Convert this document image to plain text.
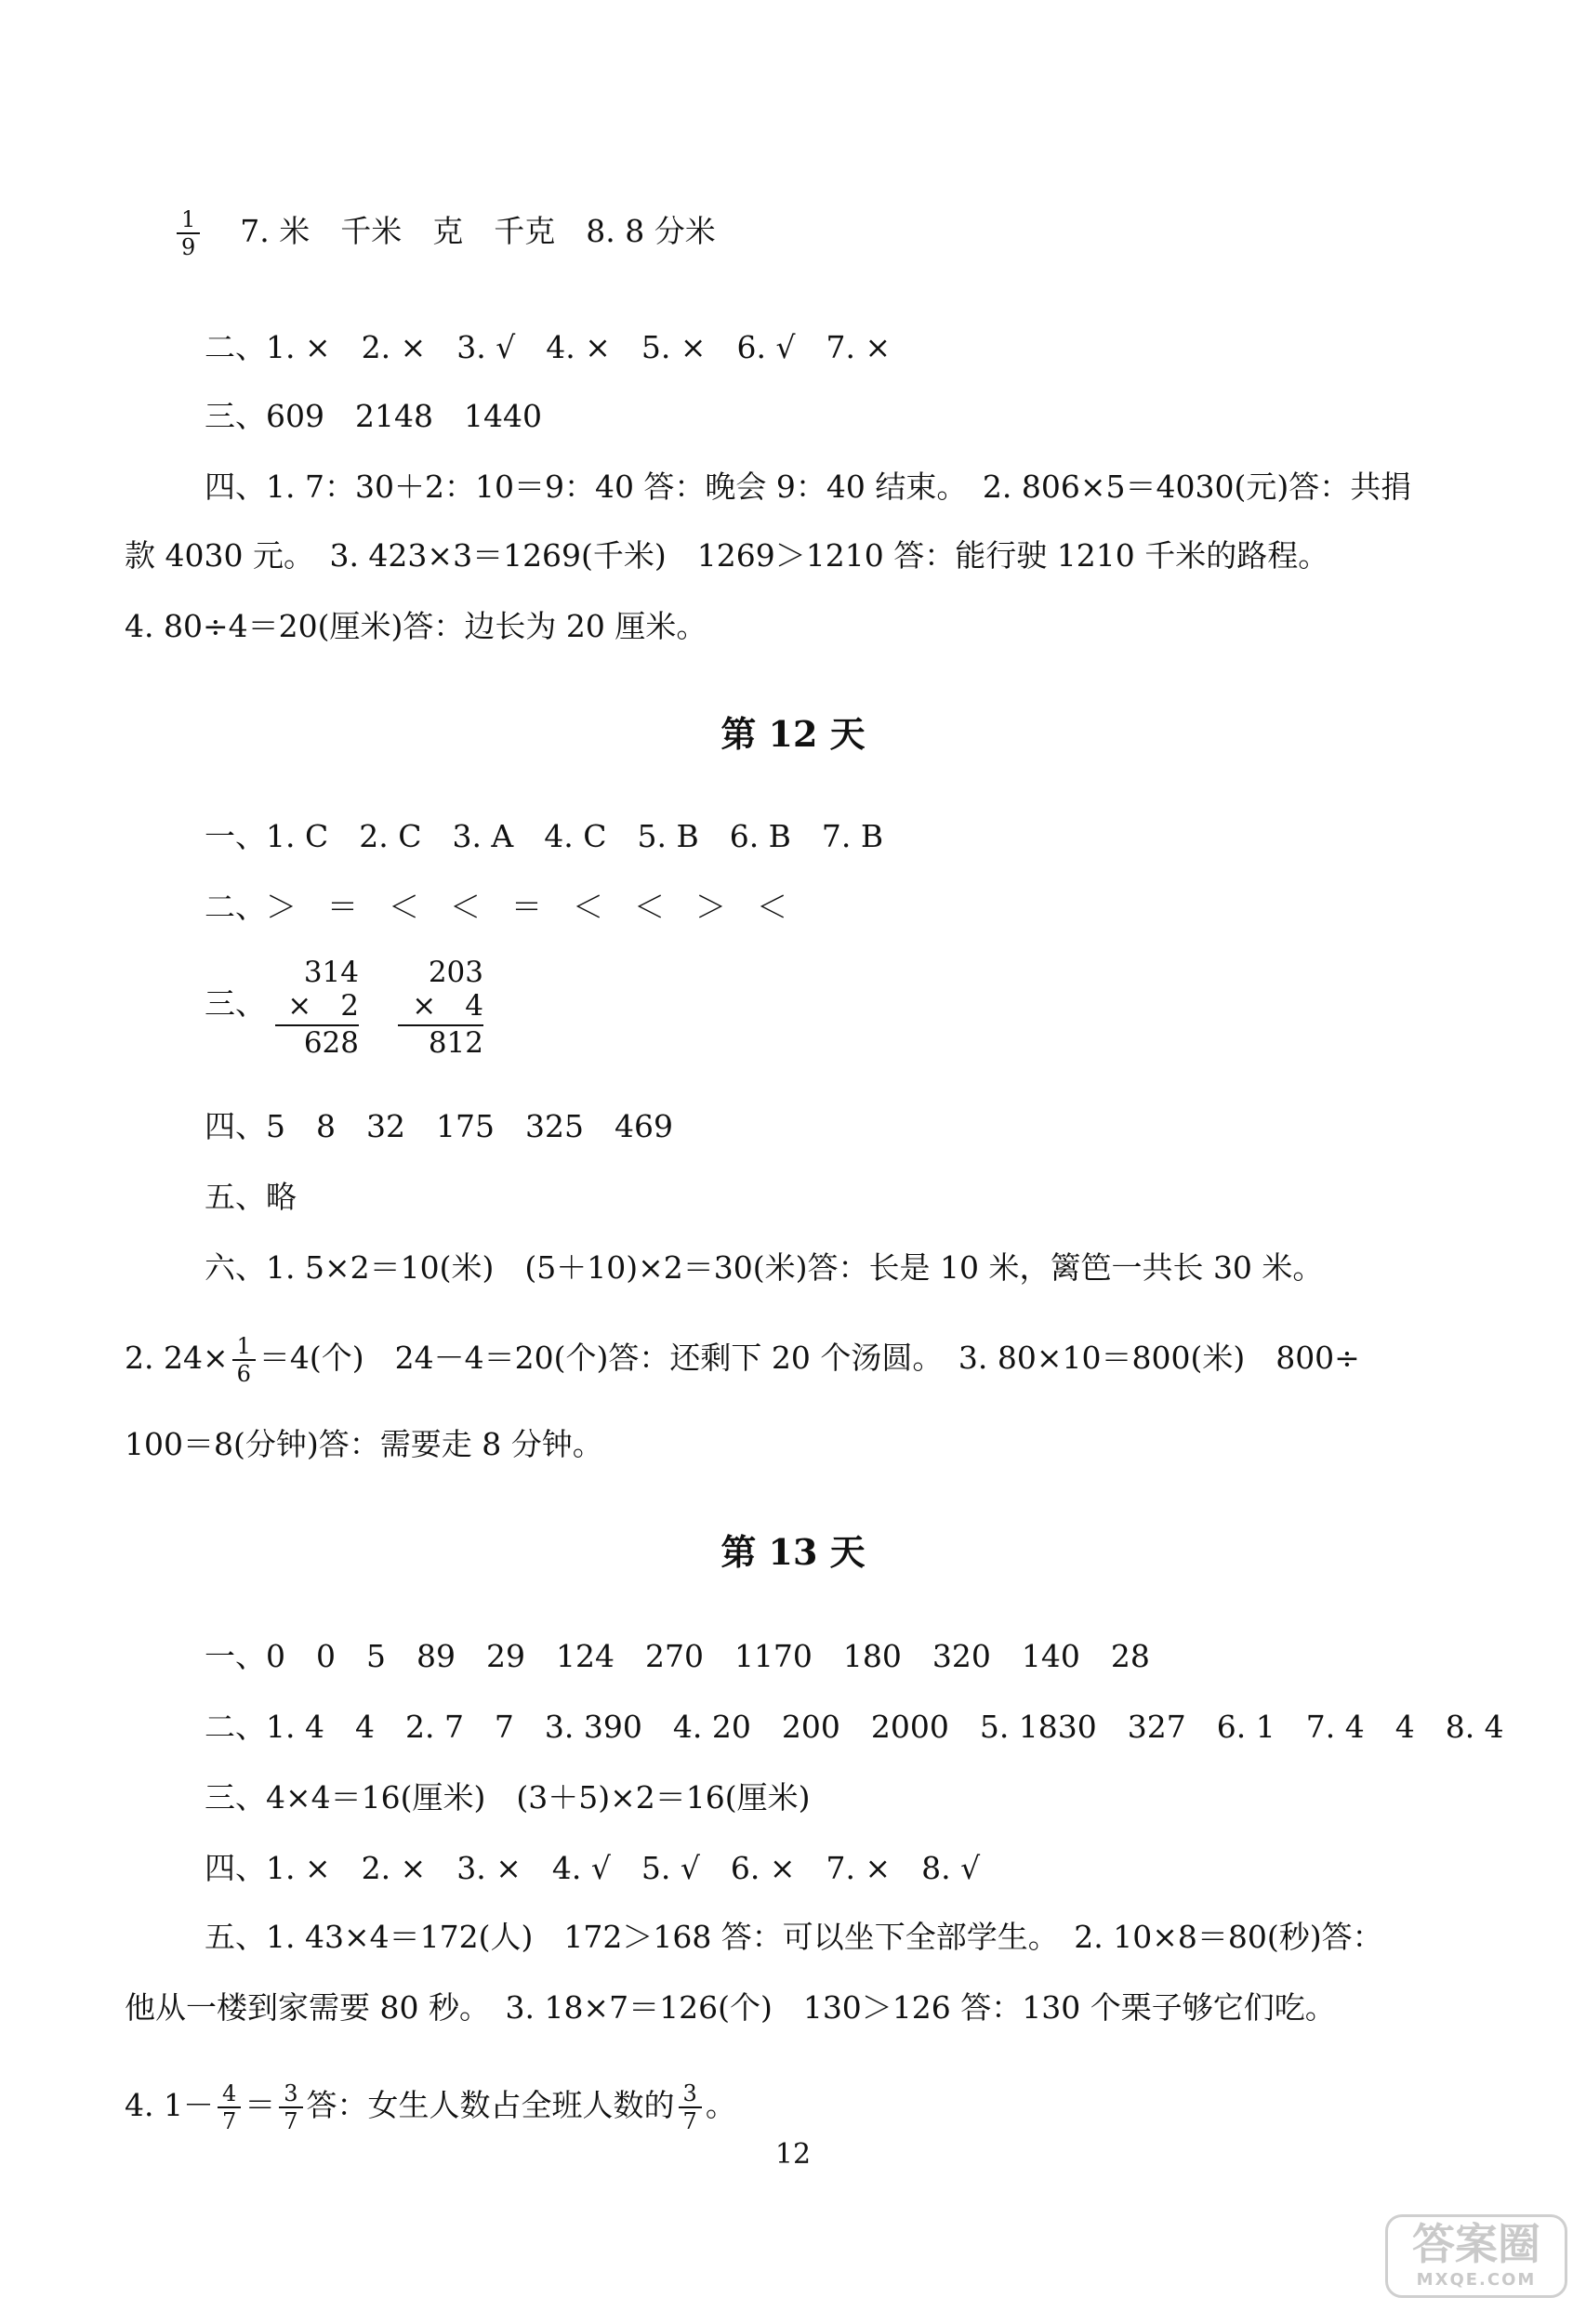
$\frac{1}{9} 7$. 米　千米　克　千克　8. 8 分米
二、1. ×　2. ×　3. √　4. ×　5. ×　6. √　7. ×
三、609　2148　1440
四、1. 7：30＋2：10＝9：40 答：晚会 9：40 结束。　2. 806×5＝4030(元)答：共捐
款 4030 元。　3. 423×3＝1269(千米)　1269＞1210 答：能行驶 1210 千米的路程。
4. 80÷4＝20(厘米)答：边长为 20 厘米。
第 12 天
一、1. C　2. C　3. A　4. C　5. B　6. B　7. B
二、＞　＝　＜　＜　＝　＜　＜　＞　＜
三、
314
×　2
628
203
×　4
812
四、5　8　32　175　325　469
五、略
六、1. 5×2＝10(米)　(5＋10)×2＝30(米)答：长是 10 米，篱笆一共长 30 米。
2. $24\times \frac{1}{6} =4$(个)　24－4＝20(个)答：还剩下 20 个汤圆。　3. 80×10＝800(米)　800÷
100＝8(分钟)答：需要走 8 分钟。
第 13 天
一、0　0　5　89　29　124　270　1170　180　320　140　28
二、1. 4　4　2. 7　7　3. 390　4. 20　200　2000　5. 1830　327　6. 1　7. 4　4　8. 4
三、4×4＝16(厘米)　(3＋5)×2＝16(厘米)
四、1. ×　2. ×　3. ×　4. √　5. √　6. ×　7. ×　8. √
五、1. 43×4＝172(人)　172＞168 答：可以坐下全部学生。　2. 10×8＝80(秒)答：
他从一楼到家需要 80 秒。　3. 18×7＝126(个)　130＞126 答：130 个栗子够它们吃。
4. $1- \frac{4}{7} = \frac{3}{7}$ 答：女生人数占全班人数的 $\frac{3}{7}$ 。
12
答案圈
MXQE.COM
